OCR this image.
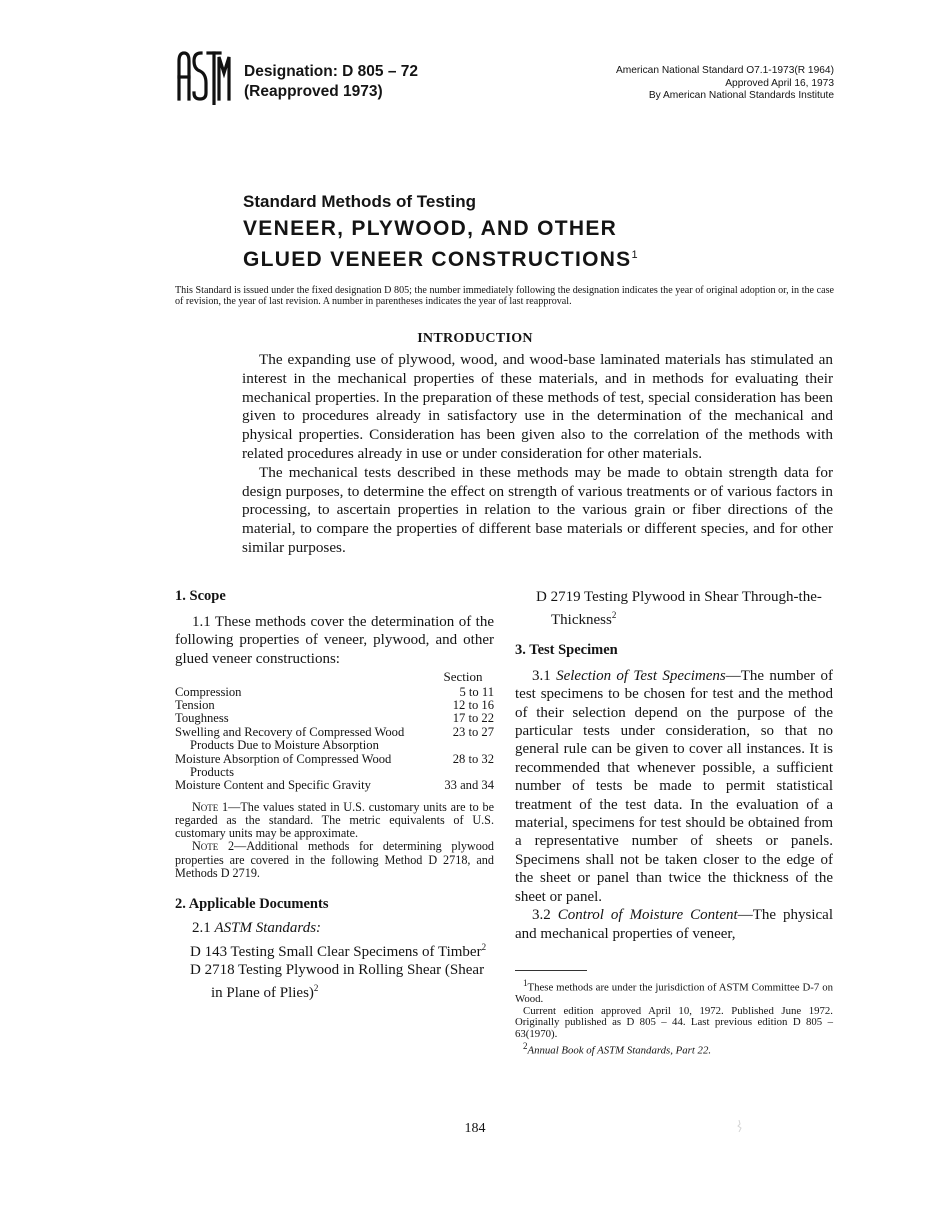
Designation: D 805 – 72
(Reapproved 1973)
American National Standard O7.1-1973(R 1964)
Approved April 16, 1973
By American National Standards Institute
Standard Methods of Testing
VENEER, PLYWOOD, AND OTHER
GLUED VENEER CONSTRUCTIONS$^1$
This Standard is issued under the fixed designation D 805; the number immediately following the designation indicates the year of original adoption or, in the case of revision, the year of last revision. A number in parentheses indicates the year of last reapproval.
INTRODUCTION

The expanding use of plywood, wood, and wood-base laminated materials has stimulated an interest in the mechanical properties of these materials, and in methods for evaluating their mechanical properties. In the preparation of these methods of test, special consideration has been given to procedures already in satisfactory use in the determination of the mechanical and physical properties. Consideration has been given also to the correlation of the methods with related procedures already in use or under consideration for other materials.

The mechanical tests described in these methods may be made to obtain strength data for design purposes, to determine the effect on strength of various treatments or of various factors in processing, to ascertain properties in relation to the various grain or fiber directions of the material, to compare the properties of different base materials or different species, and for other similar purposes.

1. Scope

1.1 These methods cover the determination of the following properties of veneer, plywood, and other glued veneer constructions:

	Section
Compression	5 to 11
Tension	12 to 16
Toughness	17 to 22
Swelling and Recovery of Compressed Wood Products Due to Moisture Absorption	23 to 27
Moisture Absorption of Compressed Wood Products	28 to 32
Moisture Content and Specific Gravity	33 and 34

Note 1—The values stated in U.S. customary units are to be regarded as the standard. The metric equivalents of U.S. customary units may be approximate.

Note 2—Additional methods for determining plywood properties are covered in the following Method D 2718, and Methods D 2719.

2. Applicable Documents

2.1 ASTM Standards:

D 143 Testing Small Clear Specimens of Timber$^2$

D 2718 Testing Plywood in Rolling Shear (Shear in Plane of Plies)$^2$

D 2719 Testing Plywood in Shear Through-the-Thickness$^2$

3. Test Specimen

3.1 Selection of Test Specimens—The number of test specimens to be chosen for test and the method of their selection depend on the purpose of the particular tests under consideration, so that no general rule can be given to cover all instances. It is recommended that whenever possible, a sufficient number of tests be made to permit statistical treatment of the test data. In the evaluation of a material, specimens for test should be obtained from a representative number of sheets or panels. Specimens shall not be taken closer to the edge of the sheet or panel than twice the thickness of the sheet or panel.

3.2 Control of Moisture Content—The physical and mechanical properties of veneer,

$^1$These methods are under the jurisdiction of ASTM Committee D-7 on Wood.

Current edition approved April 10, 1972. Published June 1972. Originally published as D 805 – 44. Last previous edition D 805 – 63(1970).

$^2$Annual Book of ASTM Standards, Part 22.

184
